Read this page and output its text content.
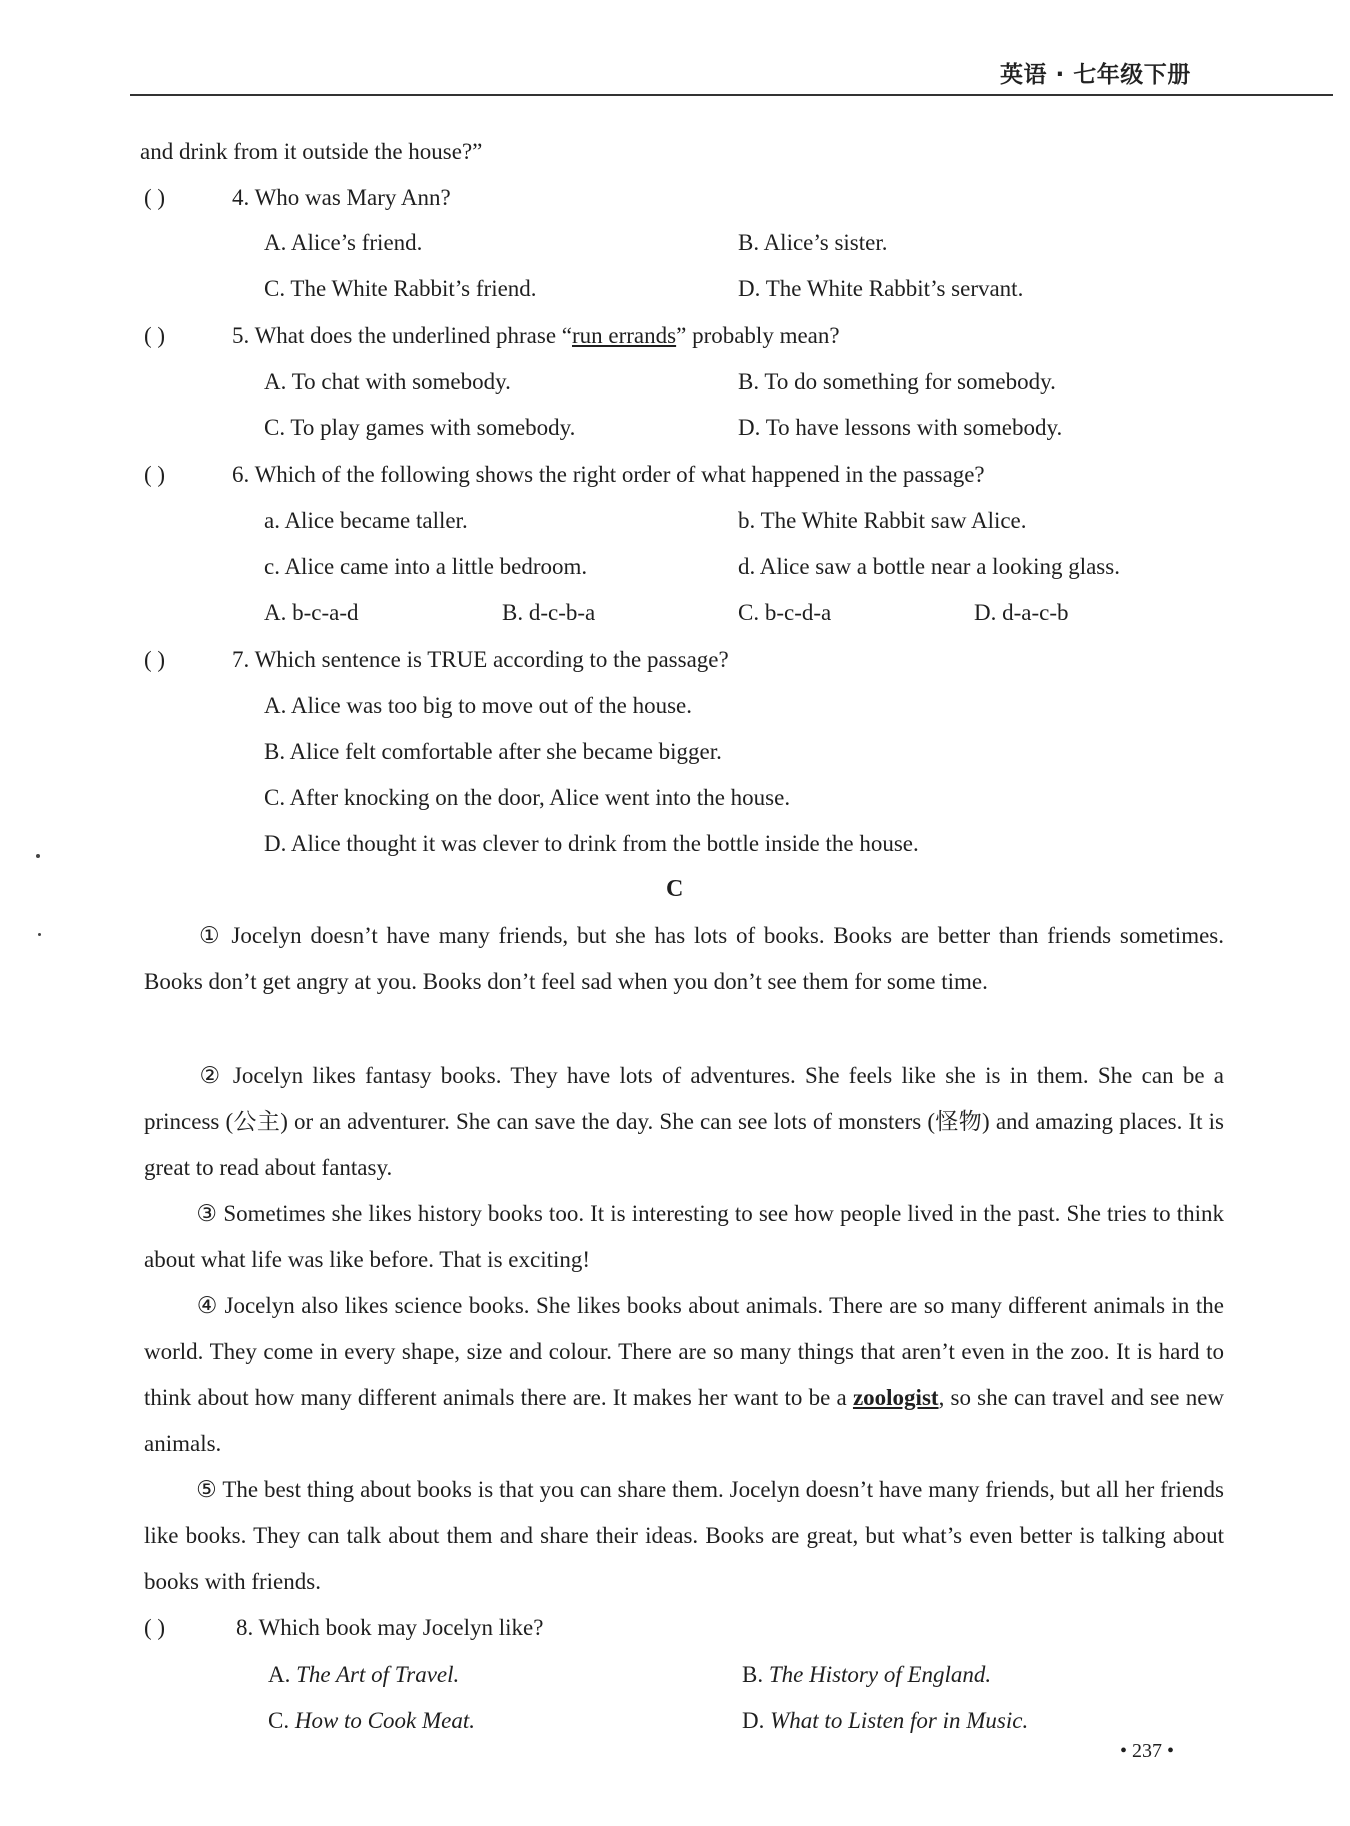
英语 · 七年级下册
and drink from it outside the house?”
( )	4. Who was Mary Ann?
A. Alice’s friend.	B. Alice’s sister.
C. The White Rabbit’s friend.	D. The White Rabbit’s servant.
( )	5. What does the underlined phrase “run errands” probably mean?
A. To chat with somebody.	B. To do something for somebody.
C. To play games with somebody.	D. To have lessons with somebody.
( )	6. Which of the following shows the right order of what happened in the passage?
a. Alice became taller.	b. The White Rabbit saw Alice.
c. Alice came into a little bedroom.	d. Alice saw a bottle near a looking glass.
A. b-c-a-d	B. d-c-b-a	C. b-c-d-a	D. d-a-c-b
( )	7. Which sentence is TRUE according to the passage?
A. Alice was too big to move out of the house.
B. Alice felt comfortable after she became bigger.
C. After knocking on the door, Alice went into the house.
D. Alice thought it was clever to drink from the bottle inside the house.
C
① Jocelyn doesn’t have many friends, but she has lots of books. Books are better than friends sometimes. Books don’t get angry at you. Books don’t feel sad when you don’t see them for some time.
② Jocelyn likes fantasy books. They have lots of adventures. She feels like she is in them. She can be a princess (公主) or an adventurer. She can save the day. She can see lots of monsters (怪物) and amazing places. It is great to read about fantasy.
③ Sometimes she likes history books too. It is interesting to see how people lived in the past. She tries to think about what life was like before. That is exciting!
④ Jocelyn also likes science books. She likes books about animals. There are so many different animals in the world. They come in every shape, size and colour. There are so many things that aren’t even in the zoo. It is hard to think about how many different animals there are. It makes her want to be a zoologist, so she can travel and see new animals.
⑤ The best thing about books is that you can share them. Jocelyn doesn’t have many friends, but all her friends like books. They can talk about them and share their ideas. Books are great, but what’s even better is talking about books with friends.
( )	8. Which book may Jocelyn like?
A. The Art of Travel.	B. The History of England.
C. How to Cook Meat.	D. What to Listen for in Music.
• 237 •
